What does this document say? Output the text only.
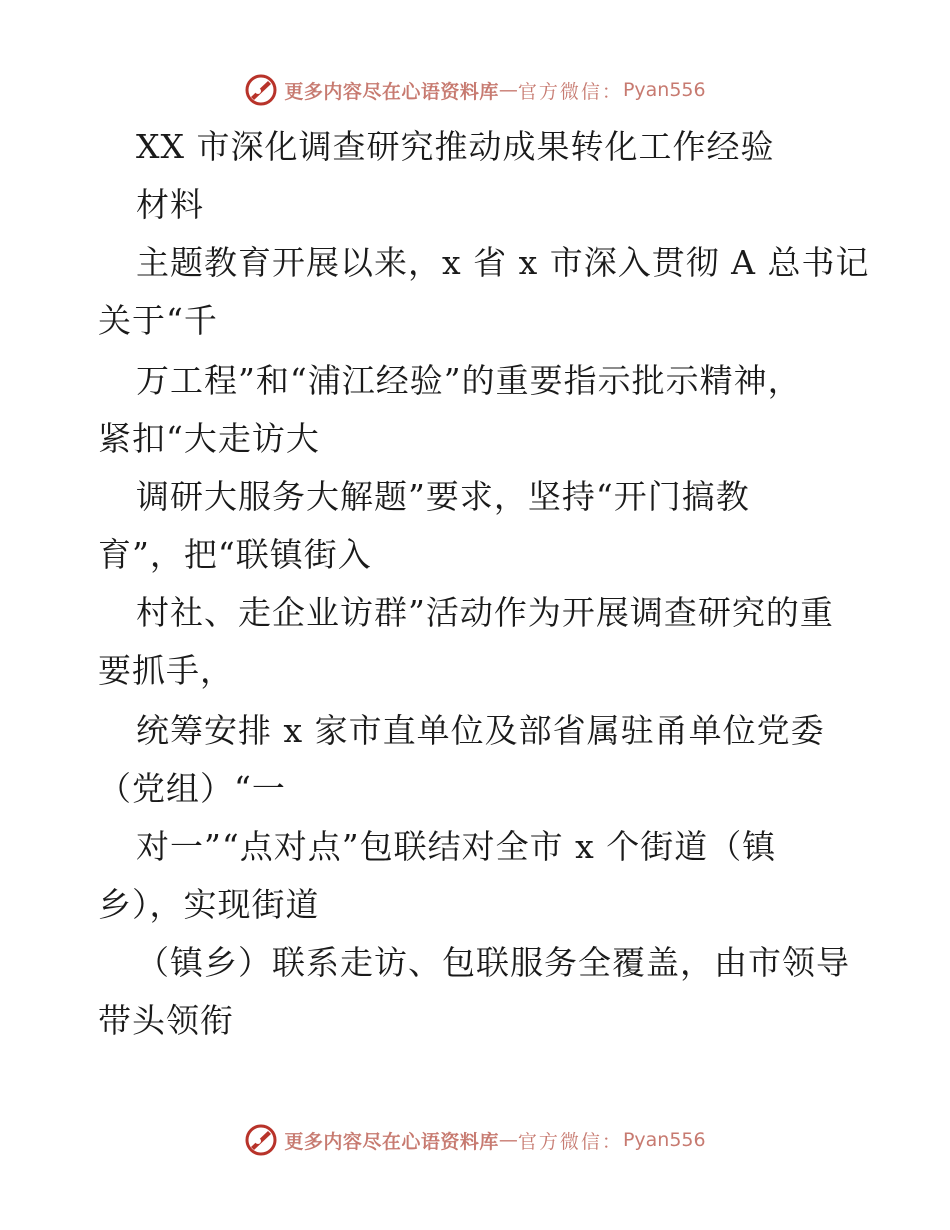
更多内容尽在心语资料库 — 官方微信： Pyan556
XX 市深化调查研究推动成果转化工作经验
材料
主题教育开展以来，x 省 x 市深入贯彻 A 总书记
关于“千
万工程”和“浦江经验”的重要指示批示精神，
紧扣“大走访大
调研大服务大解题”要求，坚持“开门搞教
育”，把“联镇街入
村社、走企业访群”活动作为开展调查研究的重
要抓手，
统筹安排 x 家市直单位及部省属驻甬单位党委
（党组）“一
对一”“点对点”包联结对全市 x 个街道（镇
乡），实现街道
（镇乡）联系走访、包联服务全覆盖，由市领导
带头领衔
更多内容尽在心语资料库 — 官方微信： Pyan556
